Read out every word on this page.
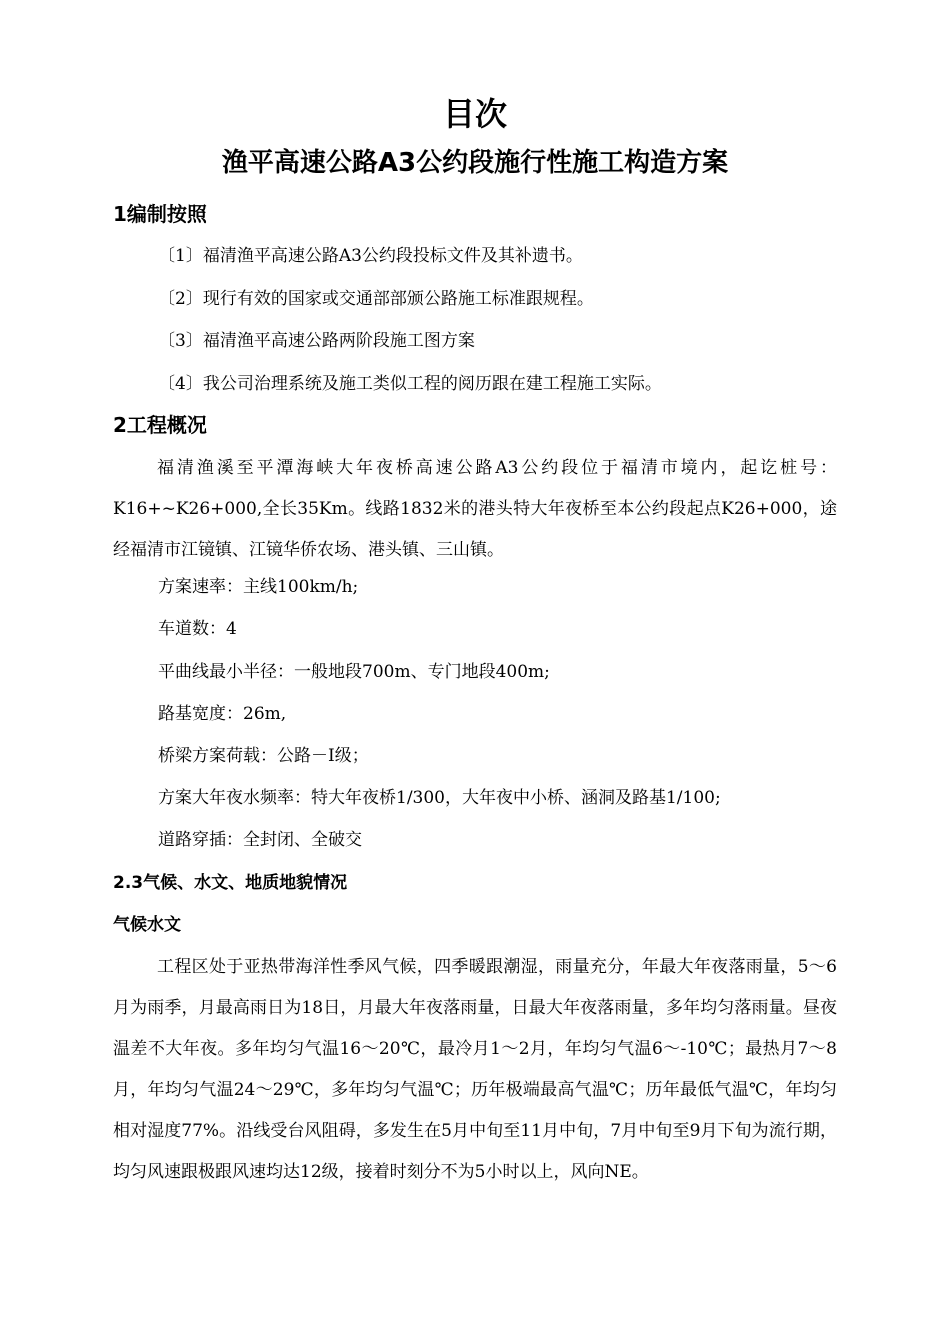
目次
渔平高速公路A3公约段施行性施工构造方案
1编制按照
〔1〕福清渔平高速公路A3公约段投标文件及其补遗书。
〔2〕现行有效的国家或交通部部颁公路施工标准跟规程。
〔3〕福清渔平高速公路两阶段施工图方案
〔4〕我公司治理系统及施工类似工程的阅历跟在建工程施工实际。
2工程概况
福清渔溪至平潭海峡大年夜桥高速公路A3公约段位于福清市境内，起讫桩号：K16+~K26+000,全长35Km。线路1832米的港头特大年夜桥至本公约段起点K26+000，途经福清市江镜镇、江镜华侨农场、港头镇、三山镇。
方案速率：主线100km/h;
车道数：4
平曲线最小半径：一般地段700m、专门地段400m;
路基宽度：26m,
桥梁方案荷载：公路－I级；
方案大年夜水频率：特大年夜桥1/300，大年夜中小桥、涵洞及路基1/100;
道路穿插：全封闭、全破交
2.3气候、水文、地质地貌情况
气候水文
工程区处于亚热带海洋性季风气候，四季暖跟潮湿，雨量充分，年最大年夜落雨量，5～6月为雨季，月最高雨日为18日，月最大年夜落雨量，日最大年夜落雨量，多年均匀落雨量。昼夜温差不大年夜。多年均匀气温16～20℃，最冷月1～2月，年均匀气温6～-10℃；最热月7～8月，年均匀气温24～29℃，多年均匀气温℃；历年极端最高气温℃；历年最低气温℃，年均匀相对湿度77%。沿线受台风阻碍，多发生在5月中旬至11月中旬，7月中旬至9月下旬为流行期，均匀风速跟极跟风速均达12级，接着时刻分不为5小时以上，风向NE。
